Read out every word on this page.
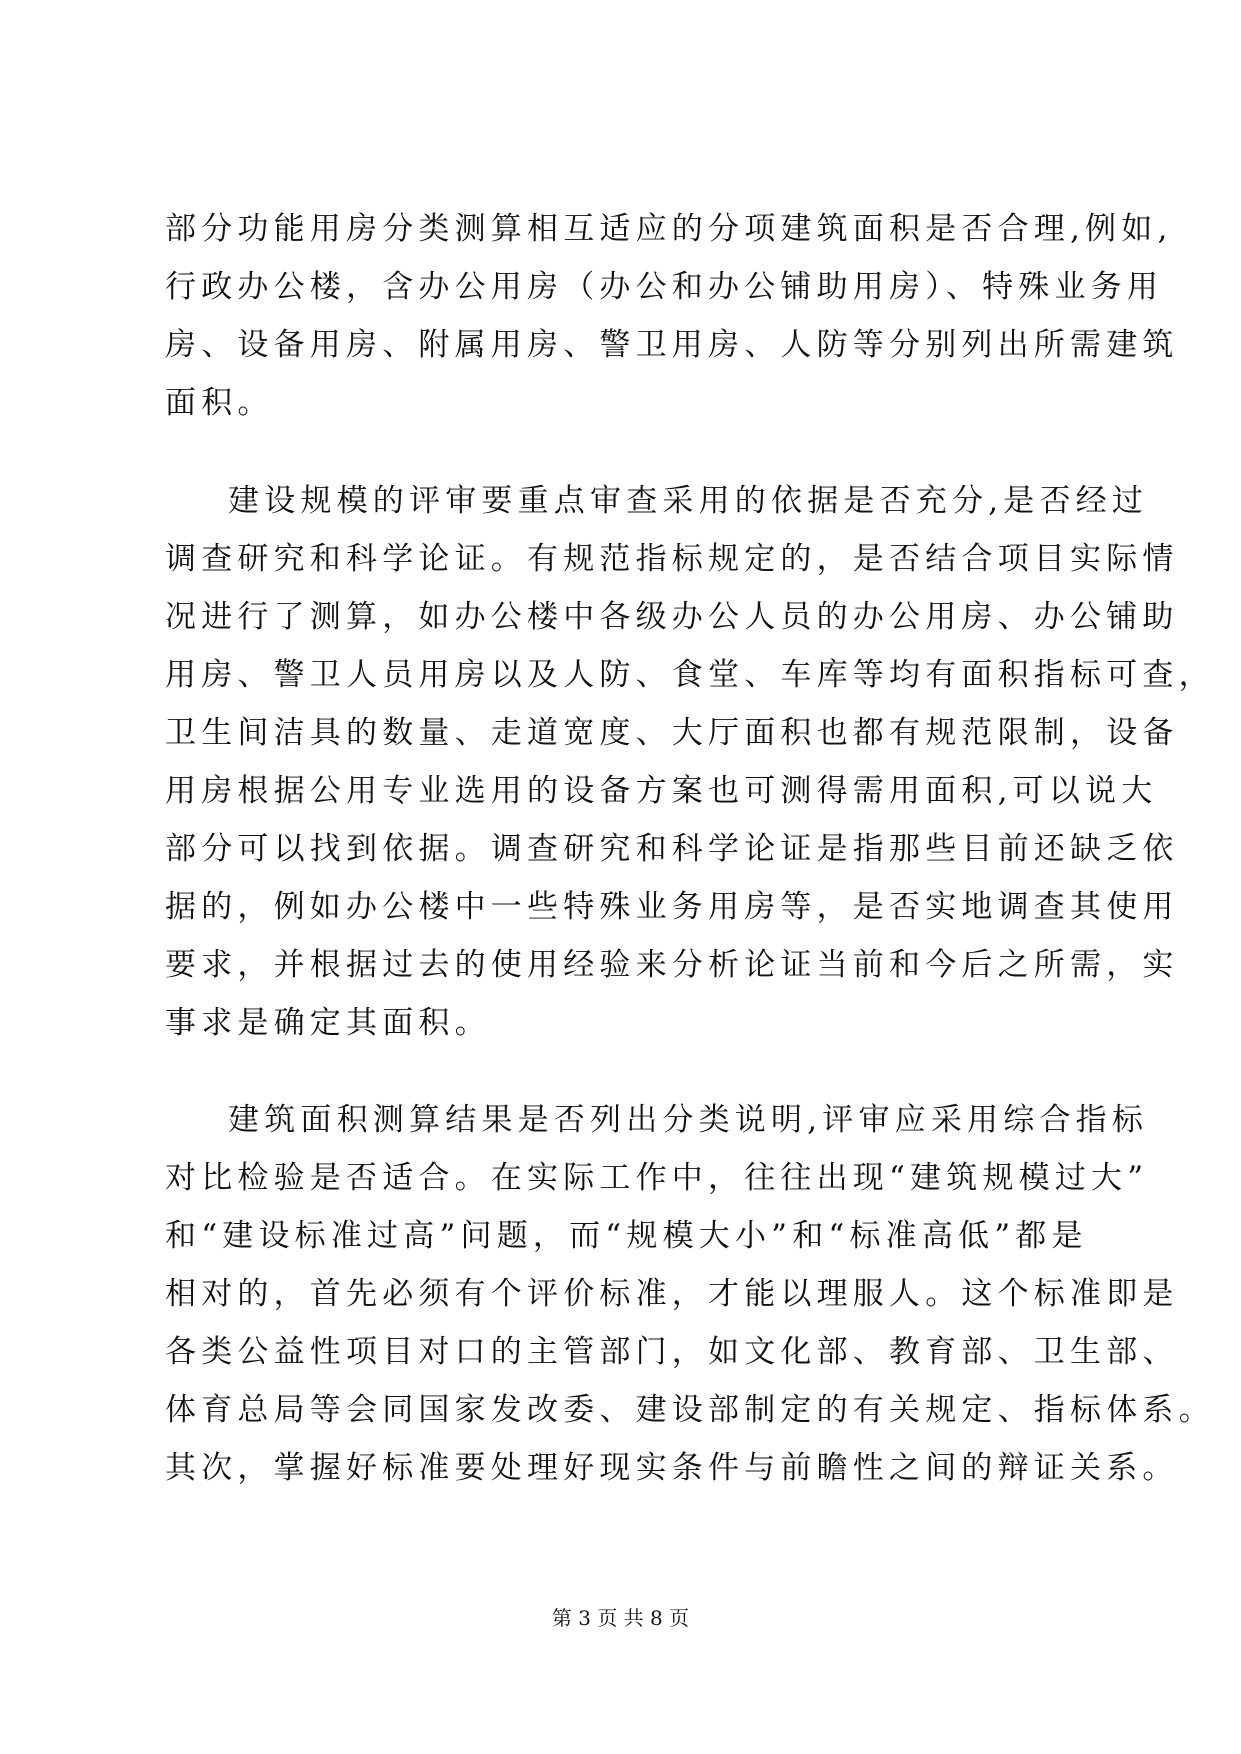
部分功能用房分类测算相互适应的分项建筑面积是否合理,例如,
行政办公楼，含办公用房（办公和办公铺助用房）、特殊业务用
房、设备用房、附属用房、警卫用房、人防等分别列出所需建筑
面积。
建设规模的评审要重点审查采用的依据是否充分,是否经过
调查研究和科学论证。有规范指标规定的，是否结合项目实际情
况进行了测算，如办公楼中各级办公人员的办公用房、办公铺助
用房、警卫人员用房以及人防、食堂、车库等均有面积指标可查，
卫生间洁具的数量、走道宽度、大厅面积也都有规范限制，设备
用房根据公用专业选用的设备方案也可测得需用面积,可以说大
部分可以找到依据。调查研究和科学论证是指那些目前还缺乏依
据的，例如办公楼中一些特殊业务用房等，是否实地调查其使用
要求，并根据过去的使用经验来分析论证当前和今后之所需，实
事求是确定其面积。
建筑面积测算结果是否列出分类说明,评审应采用综合指标
对比检验是否适合。在实际工作中，往往出现“建筑规模过大”
和“建设标准过高”问题，而“规模大小”和“标准高低”都是
相对的，首先必须有个评价标准，才能以理服人。这个标准即是
各类公益性项目对口的主管部门，如文化部、教育部、卫生部、
体育总局等会同国家发改委、建设部制定的有关规定、指标体系。
其次，掌握好标准要处理好现实条件与前瞻性之间的辩证关系。
第 3 页 共 8 页
